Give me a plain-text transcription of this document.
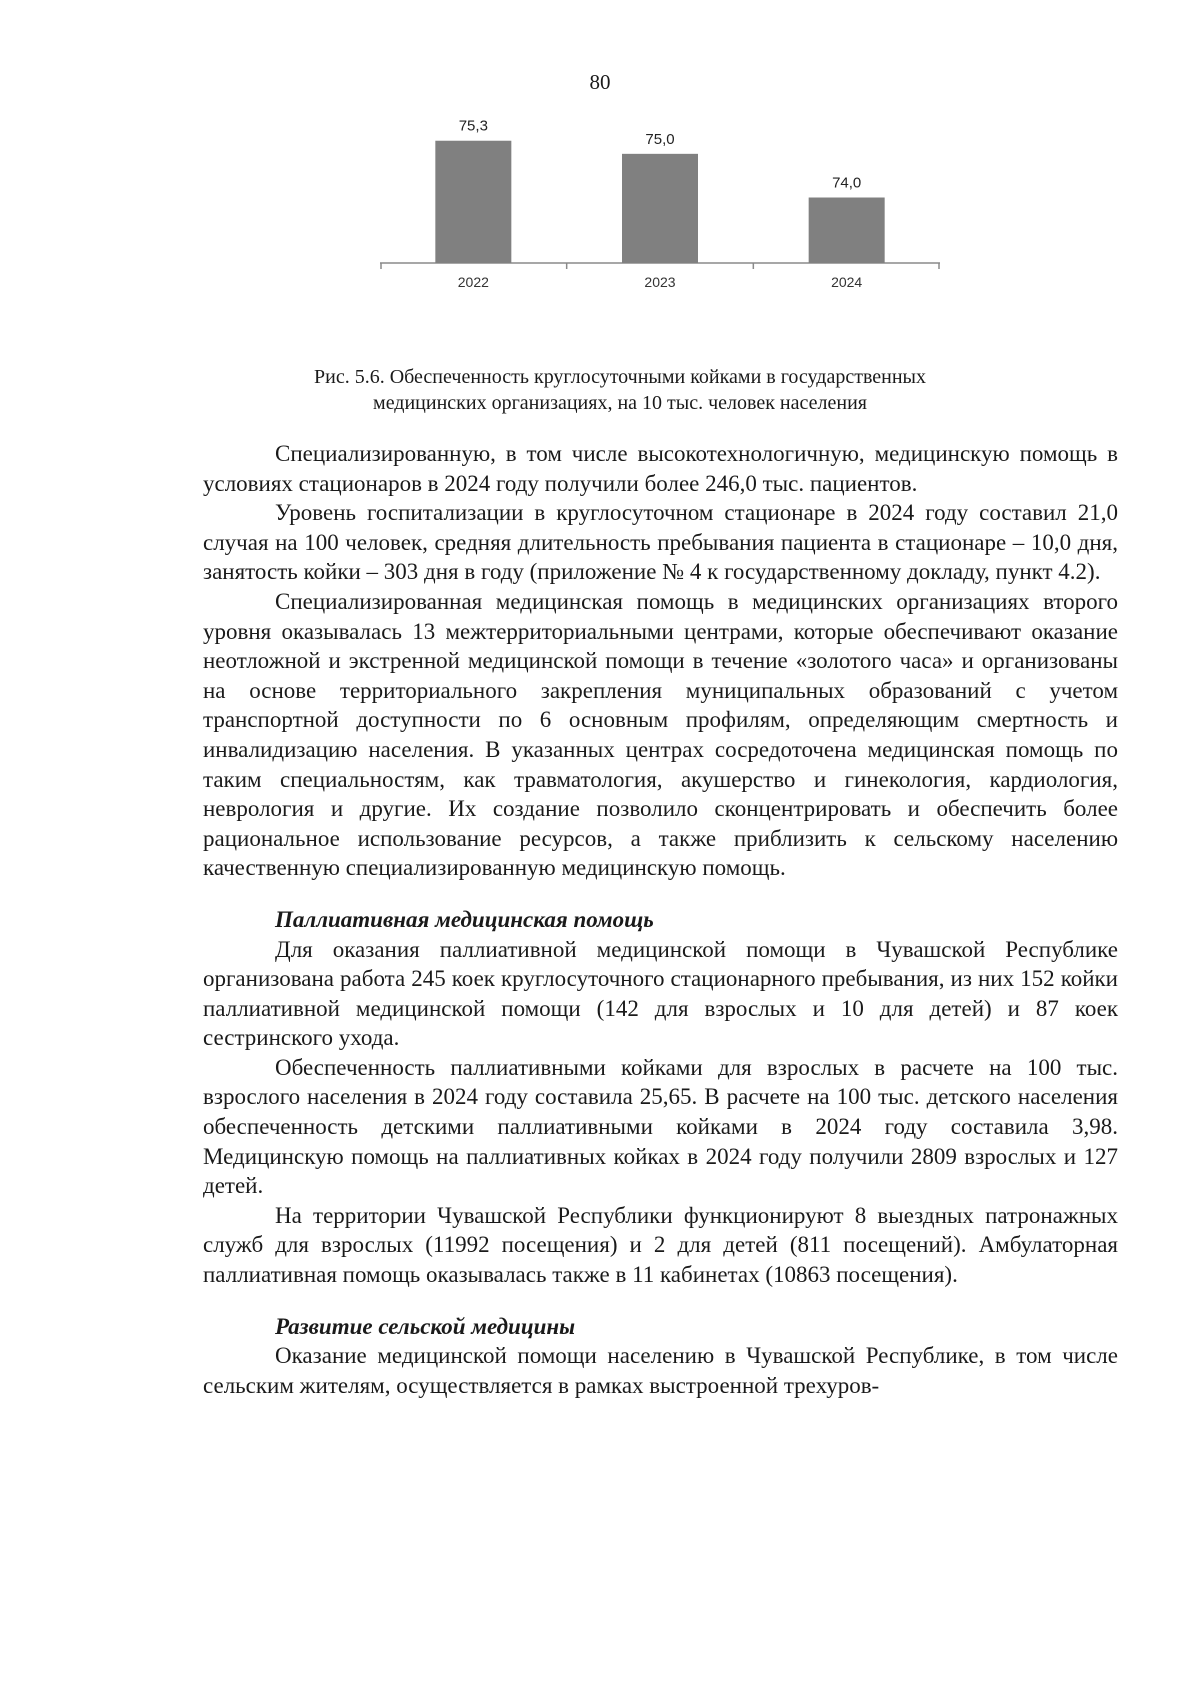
80
75,3
2022
75,0
2023
74,0
2024
Рис. 5.6. Обеспеченность круглосуточными койками в государственных
медицинских организациях, на 10 тыс. человек населения

Специализированную, в том числе высокотехнологичную, медицинскую помощь в условиях стационаров в 2024 году получили более 246,0 тыс. пациентов.

Уровень госпитализации в круглосуточном стационаре в 2024 году составил 21,0 случая на 100 человек, средняя длительность пребывания пациента в стационаре – 10,0 дня, занятость койки – 303 дня в году (приложение № 4 к государственному докладу, пункт 4.2).

Специализированная медицинская помощь в медицинских организациях второго уровня оказывалась 13 межтерриториальными центрами, которые обеспечивают оказание неотложной и экстренной медицинской помощи в течение «золотого часа» и организованы на основе территориального закрепления муниципальных образований с учетом транспортной доступности по 6 основным профилям, определяющим смертность и инвалидизацию населения. В указанных центрах сосредоточена медицинская помощь по таким специальностям, как травматология, акушерство и гинекология, кардиология, неврология и другие. Их создание позволило сконцентрировать и обеспечить более рациональное использование ресурсов, а также приблизить к сельскому населению качественную специализированную медицинскую помощь.

Паллиативная медицинская помощь

Для оказания паллиативной медицинской помощи в Чувашской Республике организована работа 245 коек круглосуточного стационарного пребывания, из них 152 койки паллиативной медицинской помощи (142 для взрослых и 10 для детей) и 87 коек сестринского ухода.

Обеспеченность паллиативными койками для взрослых в расчете на 100 тыс. взрослого населения в 2024 году составила 25,65. В расчете на 100 тыс. детского населения обеспеченность детскими паллиативными койками в 2024 году составила 3,98. Медицинскую помощь на паллиативных койках в 2024 году получили 2809 взрослых и 127 детей.

На территории Чувашской Республики функционируют 8 выездных патронажных служб для взрослых (11992 посещения) и 2 для детей (811 посещений). Амбулаторная паллиативная помощь оказывалась также в 11 кабинетах (10863 посещения).

Развитие сельской медицины

Оказание медицинской помощи населению в Чувашской Республике, в том числе сельским жителям, осуществляется в рамках выстроенной трехуров-
